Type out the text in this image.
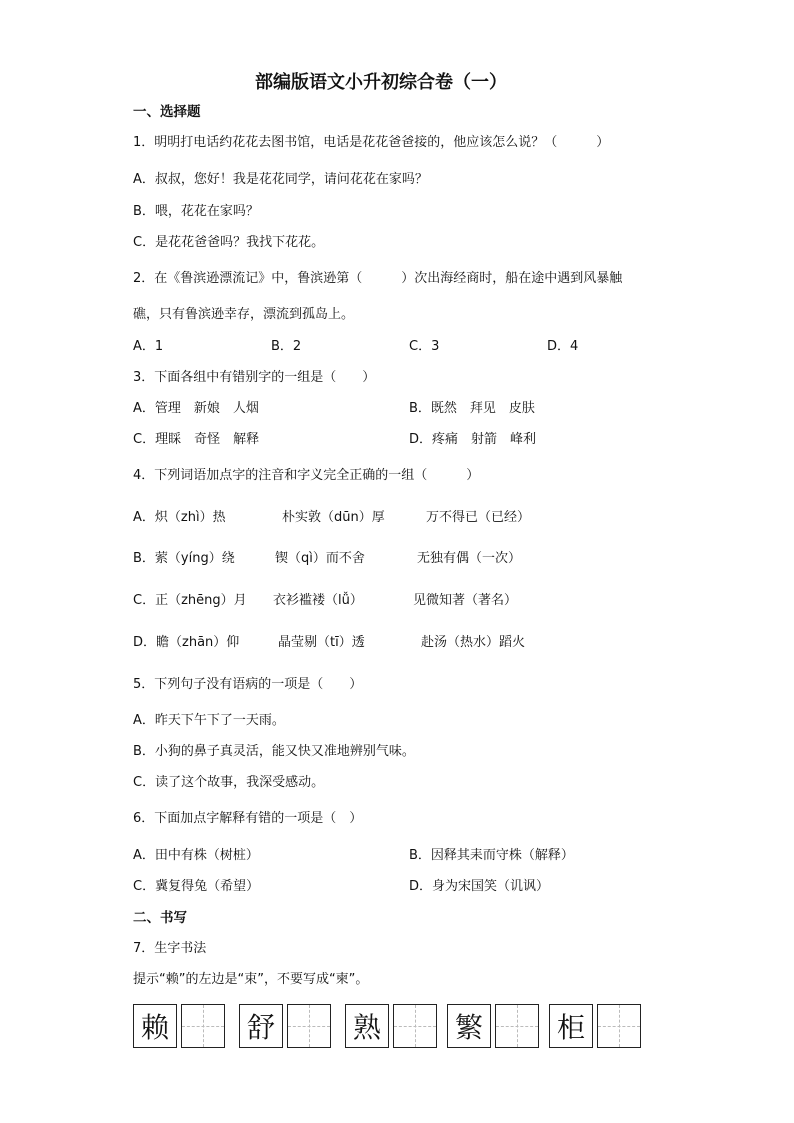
部编版语文小升初综合卷（一）
一、选择题
1．明明打电话约花花去图书馆，电话是花花爸爸接的，他应该怎么说？（　　　）
A．叔叔，您好！我是花花同学，请问花花在家吗？
B．喂，花花在家吗？
C．是花花爸爸吗？我找下花花。
2．在《鲁滨逊漂流记》中，鲁滨逊第（　　　）次出海经商时，船在途中遇到风暴触
礁，只有鲁滨逊幸存，漂流到孤岛上。
A．1	B．2	C．3	D．4
3．下面各组中有错别字的一组是（　　）
A．管理　新娘　人烟	B．既然　拜见　皮肤
C．理睬　奇怪　解释	D．疼痛　射箭　峰利
4．下列词语加点字的注音和字义完全正确的一组（　　　）
A．炽（zhì）热	朴实敦（dūn）厚	万不得已（已经）
B．萦（yíng）绕	锲（qì）而不舍	无独有偶（一次）
C．正（zhēng）月 衣衫褴褛（lǚ）	见微知著（著名）
D．瞻（zhān）仰	晶莹剔（tī）透	赴汤（热水）蹈火
5．下列句子没有语病的一项是（　　）
A．昨天下午下了一天雨。
B．小狗的鼻子真灵活，能又快又准地辨别气味。
C．读了这个故事，我深受感动。
6．下面加点字解释有错的一项是（　）
A．田中有株（树桩）	B．因释其耒而守株（解释）
C．冀复得兔（希望）	D．身为宋国笑（讥讽）
二、书写
7．生字书法
提示“赖”的左边是“束”，不要写成“柬”。
赖	舒	熟	繁	柜
